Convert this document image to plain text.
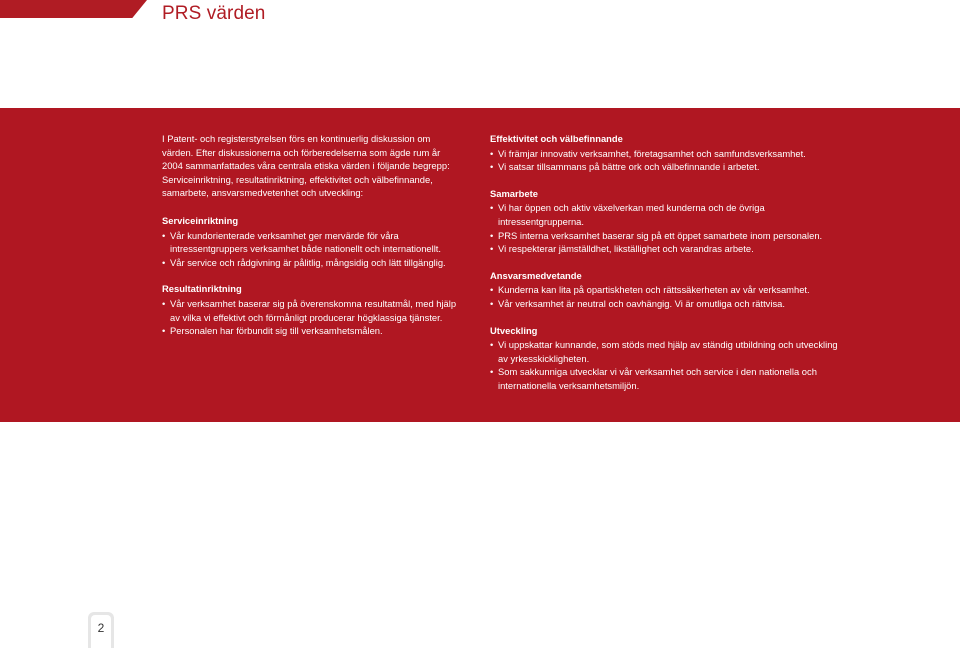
PRS värden

I Patent- och registerstyrelsen förs en kontinuerlig diskussion om värden. Efter diskussionerna och förberedelserna som ägde rum år 2004 sammanfattades våra centrala etiska värden i följande begrepp: Serviceinriktning, resultatinriktning, effektivitet och välbefinnande, samarbete, ansvarsmedvetenhet och utveckling:

Serviceinriktning
• Vår kundorienterade verksamhet ger mervärde för våra intressentgruppers verksamhet både nationellt och internationellt.
• Vår service och rådgivning är pålitlig, mångsidig och lätt tillgänglig.
Resultatinriktning
• Vår verksamhet baserar sig på överenskomna resultatmål, med hjälp av vilka vi effektivt och förmånligt producerar högklassiga tjänster.
• Personalen har förbundit sig till verksamhetsmålen.
Effektivitet och välbefinnande
• Vi främjar innovativ verksamhet, företagsamhet och samfundsverksamhet.
• Vi satsar tillsammans på bättre ork och välbefinnande i arbetet.
Samarbete
• Vi har öppen och aktiv växelverkan med kunderna och de övriga intressentgrupperna.
• PRS interna verksamhet baserar sig på ett öppet samarbete inom personalen.
• Vi respekterar jämställdhet, likställighet och varandras arbete.
Ansvarsmedvetande
• Kunderna kan lita på opartiskheten och rättssäkerheten av vår verksamhet.
• Vår verksamhet är neutral och oavhängig. Vi är omutliga och rättvisa.
Utveckling
• Vi uppskattar kunnande, som stöds med hjälp av ständig utbildning och utveckling av yrkesskickligheten.
• Som sakkunniga utvecklar vi vår verksamhet och service i den nationella och internationella verksamhetsmiljön.
2
